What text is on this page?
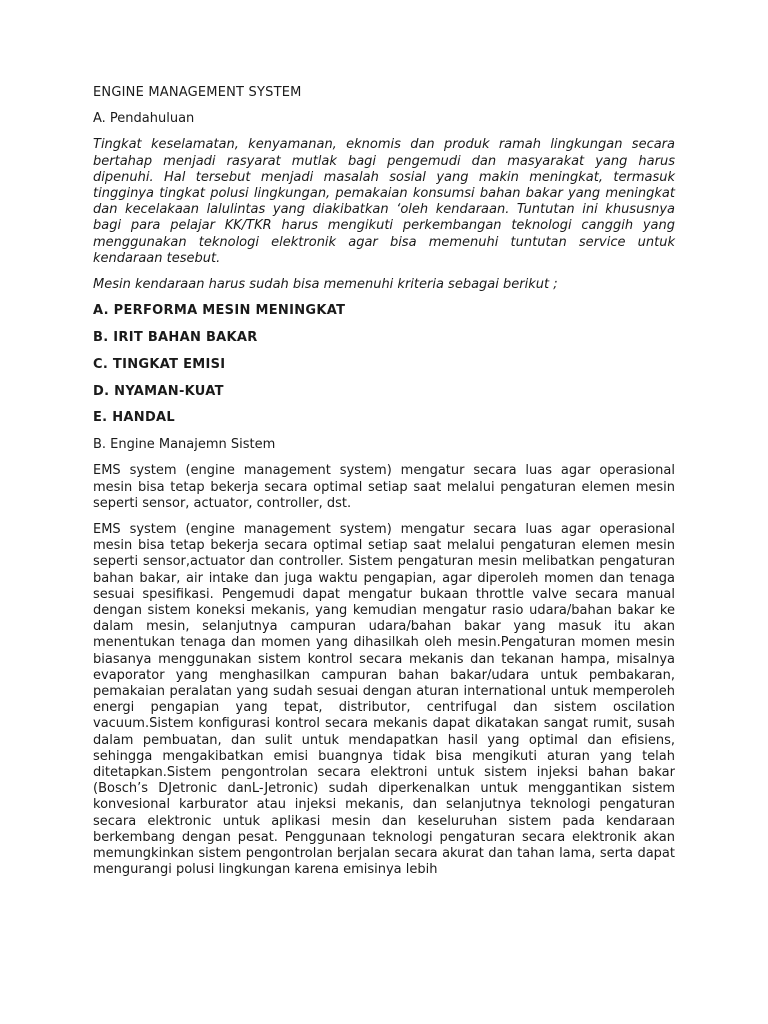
ENGINE MANAGEMENT SYSTEM
A. Pendahuluan

Tingkat keselamatan, kenyamanan, eknomis dan produk ramah lingkungan secara bertahap menjadi rasyarat mutlak bagi pengemudi dan masyarakat yang harus dipenuhi. Hal tersebut menjadi masalah sosial yang makin meningkat, termasuk tingginya tingkat polusi lingkungan, pemakaian konsumsi bahan bakar yang meningkat dan kecelakaan lalulintas yang diakibatkan ‘oleh kendaraan. Tuntutan ini khususnya bagi para pelajar KK/TKR harus mengikuti perkembangan teknologi canggih yang menggunakan teknologi elektronik agar bisa memenuhi tuntutan service untuk kendaraan tesebut.

Mesin kendaraan harus sudah bisa memenuhi kriteria sebagai berikut ;

A. PERFORMA MESIN MENINGKAT
B. IRIT BAHAN BAKAR
C. TINGKAT EMISI
D. NYAMAN-KUAT
E. HANDAL
B. Engine Manajemn Sistem

EMS system (engine management system) mengatur secara luas agar operasional mesin bisa tetap bekerja secara optimal setiap saat melalui pengaturan elemen mesin seperti sensor, actuator, controller, dst.

EMS system (engine management system) mengatur secara luas agar operasional mesin bisa tetap bekerja secara optimal setiap saat melalui pengaturan elemen mesin seperti sensor,actuator dan controller. Sistem pengaturan mesin melibatkan pengaturan bahan bakar, air intake dan juga waktu pengapian, agar diperoleh momen dan tenaga sesuai spesifikasi. Pengemudi dapat mengatur bukaan throttle valve secara manual dengan sistem koneksi mekanis, yang kemudian mengatur rasio udara/bahan bakar ke dalam mesin, selanjutnya campuran udara/bahan bakar yang masuk itu akan menentukan tenaga dan momen yang dihasilkah oleh mesin.Pengaturan momen mesin biasanya menggunakan sistem kontrol secara mekanis dan tekanan hampa, misalnya evaporator yang menghasilkan campuran bahan bakar/udara untuk pembakaran, pemakaian peralatan yang sudah sesuai dengan aturan international untuk memperoleh energi pengapian yang tepat, distributor, centrifugal dan sistem oscilation vacuum.Sistem konfigurasi kontrol secara mekanis dapat dikatakan sangat rumit, susah dalam pembuatan, dan sulit untuk mendapatkan hasil yang optimal dan efisiens, sehingga mengakibatkan emisi buangnya tidak bisa mengikuti aturan yang telah ditetapkan.Sistem pengontrolan secara elektroni untuk sistem injeksi bahan bakar (Bosch’s DJetronic danL-Jetronic) sudah diperkenalkan untuk menggantikan sistem konvesional karburator atau injeksi mekanis, dan selanjutnya teknologi pengaturan secara elektronic untuk aplikasi mesin dan keseluruhan sistem pada kendaraan berkembang dengan pesat. Penggunaan teknologi pengaturan secara elektronik akan memungkinkan sistem pengontrolan berjalan secara akurat dan tahan lama, serta dapat mengurangi polusi lingkungan karena emisinya lebih
